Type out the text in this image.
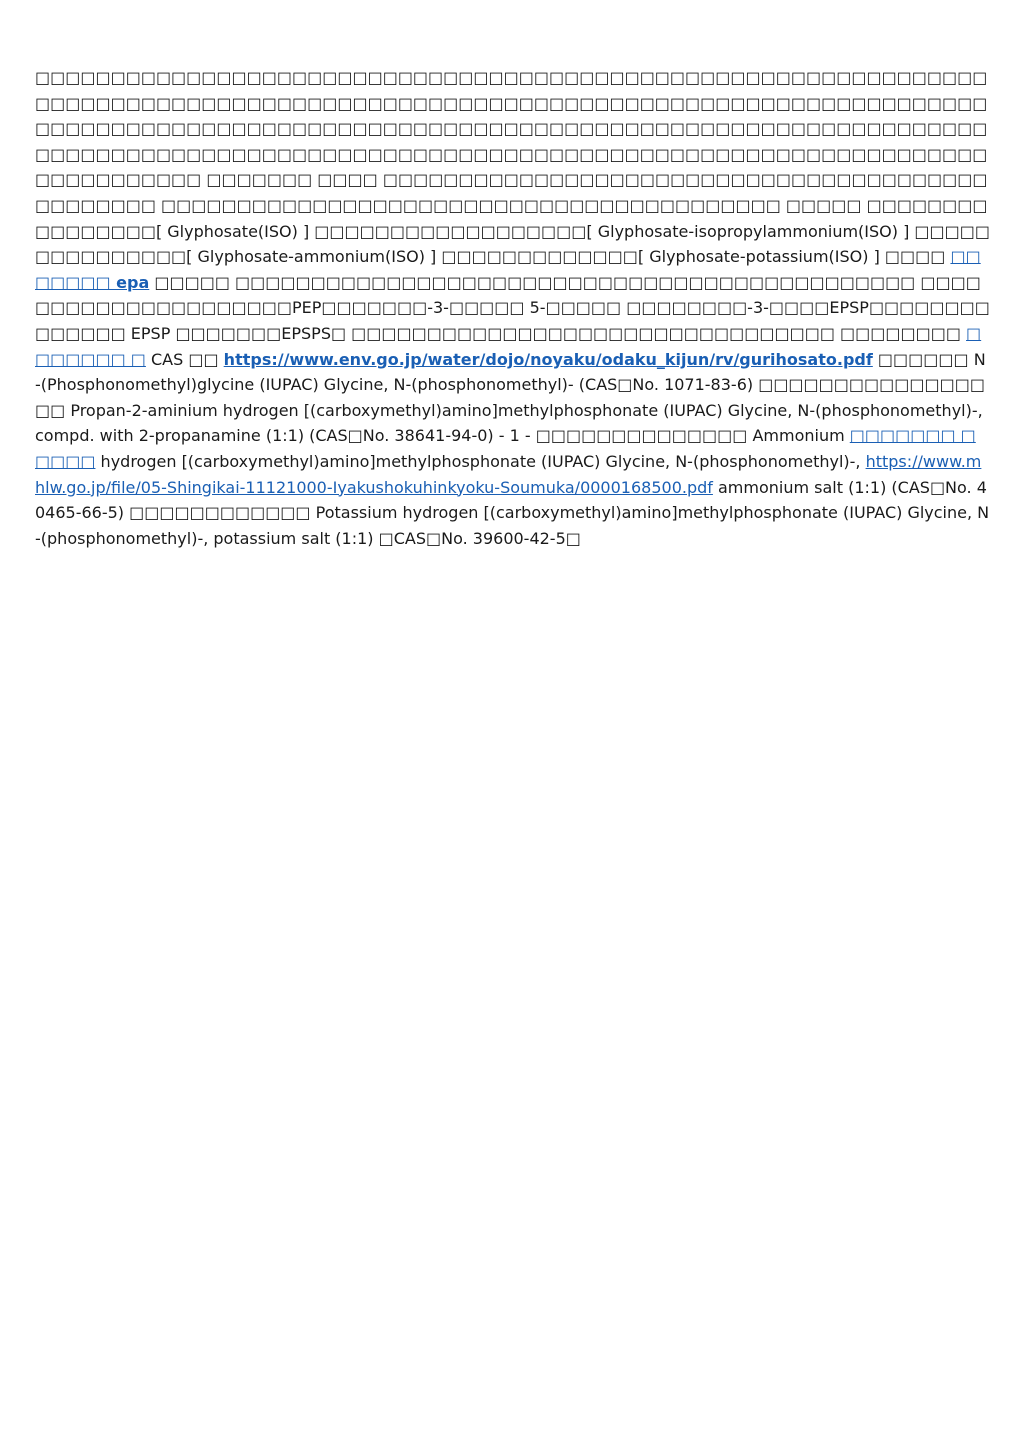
□□□□□□□□□□□□□□□□□□□□□□□□□□□□□□□□□□□□□□□□□□□□□□□□□□□□□□□□□□□□□□□□□□□□□□□□□□□□□□□□□□□□□□□□□□□□□□□□□□□□□□□□□□□□□□□□□□□□□□□□□□□□□□□□□□□□□□□□□□□□□□□□□□□□□□□□□□□□□□□□□□□□□□□□□□□□□□□□□□□□□□□□□□□□□□□□□□□□□□□□□□□□□□□□□□□□□□□□□□□□□□□□□□□□□□□□□□□□□□□□□□□□□□□□□□□□□□□□□□□□□□□ □□□□□□□ □□□□ □□□□□□□□□□□□□□□□□□□□□□□□□□□□□□□□□□□□□□□□□□□□□□□□ □□□□□□□□□□□□□□□□□□□□□□□□□□□□□□□□□□□□□□□□□ □□□□□ □□□□□□□□□□□□□□□□[ Glyphosate(ISO) ] □□□□□□□□□□□□□□□□□□[ Glyphosate-isopropylammonium(ISO) ] □□□□□□□□□□□□□□□[ Glyphosate-ammonium(ISO) ] □□□□□□□□□□□□□[ Glyphosate-potassium(ISO) ] □□□□ □□□□□□□ epa □□□□□ □□□□□□□□□□□□□□□□□□□□□□□□□□□□□□□□□□□□□□□□□□□□□ □□□□□□□□□□□□□□□□□□□□□PEP□□□□□□□-3-□□□□□ 5-□□□□□ □□□□□□□□-3-□□□□EPSP□□□□□□□□□□□□□□ EPSP □□□□□□□EPSPS□ □□□□□□□□□□□□□□□□□□□□□□□□□□□□□□□□ □□□□□□□□ □□□□□□□ □ CAS □□ https://www.env.go.jp/water/dojo/noyaku/odaku_kijun/rv/gurihosato.pdf □□□□□□ N-(Phosphonomethyl)glycine (IUPAC) Glycine, N-(phosphonomethyl)- (CAS□No. 1071-83-6) □□□□□□□□□□□□□□□□□ Propan-2-aminium hydrogen [(carboxymethyl)amino]methylphosphonate (IUPAC) Glycine, N-(phosphonomethyl)-, compd. with 2-propanamine (1:1) (CAS□No. 38641-94-0) - 1 - □□□□□□□□□□□□□□ Ammonium □□□□□□□ □□□□□ hydrogen [(carboxymethyl)amino]methylphosphonate (IUPAC) Glycine, N-(phosphonomethyl)-, https://www.mhlw.go.jp/file/05-Shingikai-11121000-Iyakushokuhinkyoku-Soumuka/0000168500.pdf ammonium salt (1:1) (CAS□No. 40465-66-5) □□□□□□□□□□□□ Potassium hydrogen [(carboxymethyl)amino]methylphosphonate (IUPAC) Glycine, N-(phosphonomethyl)-, potassium salt (1:1) □CAS□No. 39600-42-5□
